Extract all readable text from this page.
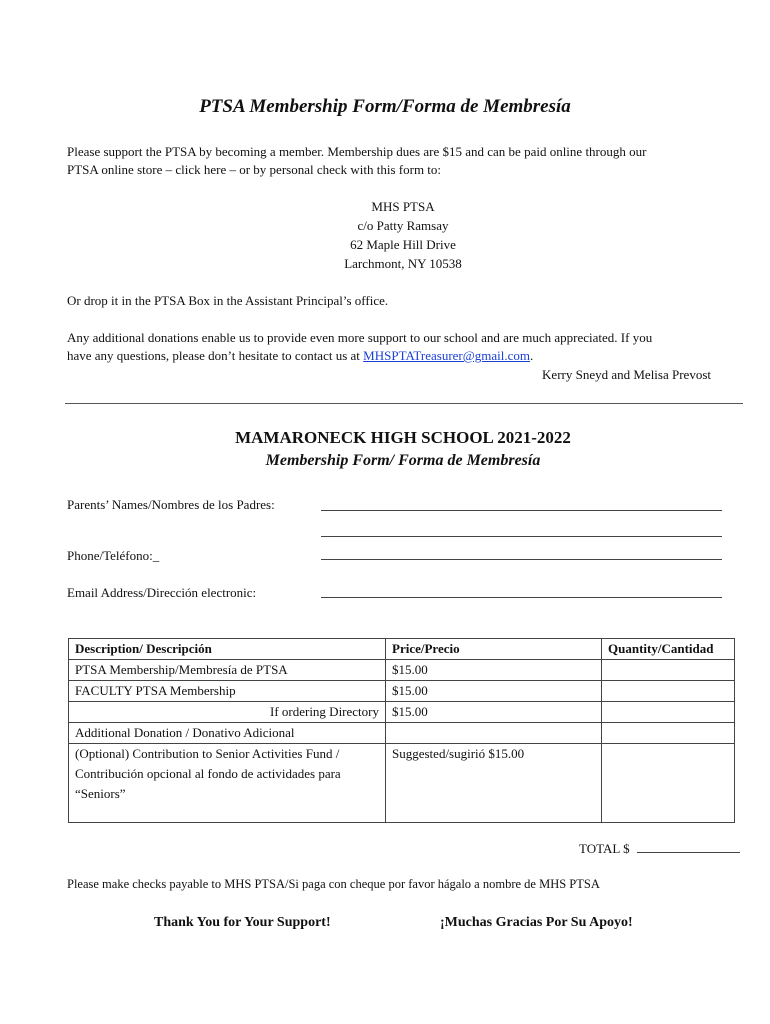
PTSA Membership Form/Forma de Membresía
Please support the PTSA by becoming a member. Membership dues are $15 and can be paid online through our
PTSA online store – click here – or by personal check with this form to:
MHS PTSA
c/o Patty Ramsay
62 Maple Hill Drive
Larchmont, NY 10538
Or drop it in the PTSA Box in the Assistant Principal’s office.
Any additional donations enable us to provide even more support to our school and are much appreciated. If you
have any questions, please don’t hesitate to contact us at MHSPTATreasurer@gmail.com.
Kerry Sneyd and Melisa Prevost
MAMARONECK HIGH SCHOOL 2021-2022
Membership Form/ Forma de Membresía
Parents’ Names/Nombres de los Padres:
Phone/Teléfono:_
Email Address/Dirección electronic:
Description/ Descripción	Price/Precio	Quantity/Cantidad
PTSA Membership/Membresía de PTSA	$15.00	
FACULTY PTSA Membership	$15.00	
If ordering Directory	$15.00	
Additional Donation / Donativo Adicional		

(Optional) Contribution to Senior Activities Fund /
Contribución opcional al fondo de actividades para
“Seniors”	Suggested/sugirió $15.00	
TOTAL $
Please make checks payable to MHS PTSA/Si paga con cheque por favor hágalo a nombre de MHS PTSA
Thank You for Your Support!	¡Muchas Gracias Por Su Apoyo!
